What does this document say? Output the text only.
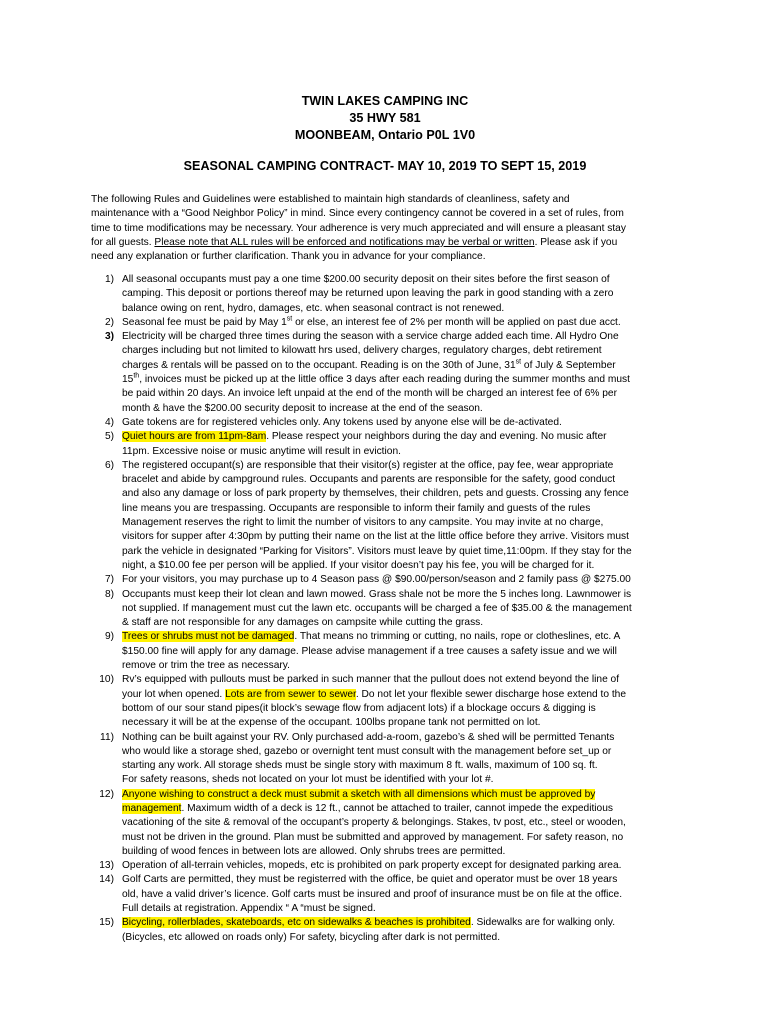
TWIN LAKES CAMPING INC
35 HWY 581
MOONBEAM, Ontario P0L 1V0
SEASONAL CAMPING CONTRACT- MAY 10, 2019 TO SEPT 15, 2019
The following Rules and Guidelines were established to maintain high standards of cleanliness, safety and
maintenance with a “Good Neighbor Policy” in mind. Since every contingency cannot be covered in a set of rules, from
time to time modifications may be necessary. Your adherence is very much appreciated and will ensure a pleasant stay
for all guests. Please note that ALL rules will be enforced and notifications may be verbal or written. Please ask if you
need any explanation or further clarification. Thank you in advance for your compliance.
1) All seasonal occupants must pay a one time $200.00 security deposit on their sites before the first season of
camping. This deposit or portions thereof may be returned upon leaving the park in good standing with a zero
balance owing on rent, hydro, damages, etc. when seasonal contract is not renewed.
2) Seasonal fee must be paid by May 1st or else, an interest fee of 2% per month will be applied on past due acct.
3) Electricity will be charged three times during the season with a service charge added each time. All Hydro One
charges including but not limited to kilowatt hrs used, delivery charges, regulatory charges, debt retirement
charges & rentals will be passed on to the occupant. Reading is on the 30th of June, 31st of July & September
15th, invoices must be picked up at the little office 3 days after each reading during the summer months and must
be paid within 20 days. An invoice left unpaid at the end of the month will be charged an interest fee of 6% per
month & have the $200.00 security deposit to increase at the end of the season.
4) Gate tokens are for registered vehicles only. Any tokens used by anyone else will be de-activated.
5) Quiet hours are from 11pm-8am. Please respect your neighbors during the day and evening. No music after
11pm. Excessive noise or music anytime will result in eviction.
6) The registered occupant(s) are responsible that their visitor(s) register at the office, pay fee, wear appropriate
bracelet and abide by campground rules. Occupants and parents are responsible for the safety, good conduct
and also any damage or loss of park property by themselves, their children, pets and guests. Crossing any fence
line means you are trespassing. Occupants are responsible to inform their family and guests of the rules
Management reserves the right to limit the number of visitors to any campsite. You may invite at no charge,
visitors for supper after 4:30pm by putting their name on the list at the little office before they arrive. Visitors must
park the vehicle in designated “Parking for Visitors”. Visitors must leave by quiet time,11:00pm. If they stay for the
night, a $10.00 fee per person will be applied. If your visitor doesn’t pay his fee, you will be charged for it.
7) For your visitors, you may purchase up to 4 Season pass @ $90.00/person/season and 2 family pass @ $275.00
8) Occupants must keep their lot clean and lawn mowed. Grass shale not be more the 5 inches long. Lawnmower is
not supplied. If management must cut the lawn etc. occupants will be charged a fee of $35.00 & the management
& staff are not responsible for any damages on campsite while cutting the grass.
9) Trees or shrubs must not be damaged. That means no trimming or cutting, no nails, rope or clotheslines, etc. A
$150.00 fine will apply for any damage. Please advise management if a tree causes a safety issue and we will
remove or trim the tree as necessary.
10) Rv’s equipped with pullouts must be parked in such manner that the pullout does not extend beyond the line of
your lot when opened. Lots are from sewer to sewer. Do not let your flexible sewer discharge hose extend to the
bottom of our sour stand pipes(it block’s sewage flow from adjacent lots) if a blockage occurs & digging is
necessary it will be at the expense of the occupant. 100lbs propane tank not permitted on lot.
11) Nothing can be built against your RV. Only purchased add-a-room, gazebo’s & shed will be permitted Tenants
who would like a storage shed, gazebo or overnight tent must consult with the management before set_up or
starting any work. All storage sheds must be single story with maximum 8 ft. walls, maximum of 100 sq. ft.
For safety reasons, sheds not located on your lot must be identified with your lot #.
12) Anyone wishing to construct a deck must submit a sketch with all dimensions which must be approved by
management. Maximum width of a deck is 12 ft., cannot be attached to trailer, cannot impede the expeditious
vacationing of the site & removal of the occupant’s property & belongings. Stakes, tv post, etc., steel or wooden,
must not be driven in the ground. Plan must be submitted and approved by management. For safety reason, no
building of wood fences in between lots are allowed. Only shrubs trees are permitted.
13) Operation of all-terrain vehicles, mopeds, etc is prohibited on park property except for designated parking area.
14) Golf Carts are permitted, they must be registerred with the office, be quiet and operator must be over 18 years
old, have a valid driver’s licence. Golf carts must be insured and proof of insurance must be on file at the office.
Full details at registration. Appendix “ A “must be signed.
15) Bicycling, rollerblades, skateboards, etc on sidewalks & beaches is prohibited. Sidewalks are for walking only.
(Bicycles, etc allowed on roads only) For safety, bicycling after dark is not permitted.
